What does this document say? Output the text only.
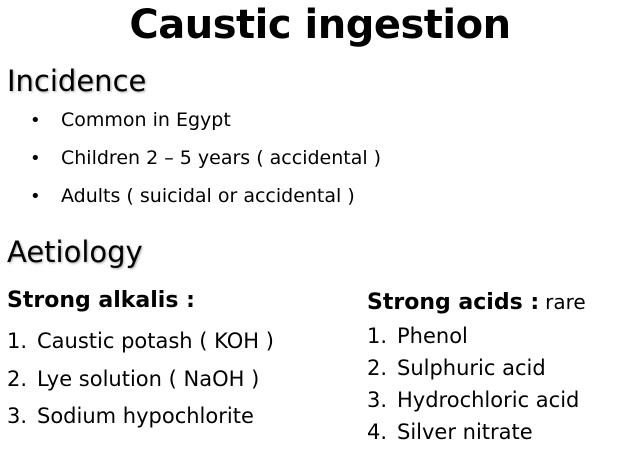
Caustic ingestion
Incidence
• Common in Egypt
• Children 2 – 5 years ( accidental )
• Adults ( suicidal or accidental )
Aetiology
Strong alkalis :
1. Caustic potash ( KOH )
2. Lye solution ( NaOH )
3. Sodium hypochlorite
Strong acids : rare
1. Phenol
2. Sulphuric acid
3. Hydrochloric acid
4. Silver nitrate
